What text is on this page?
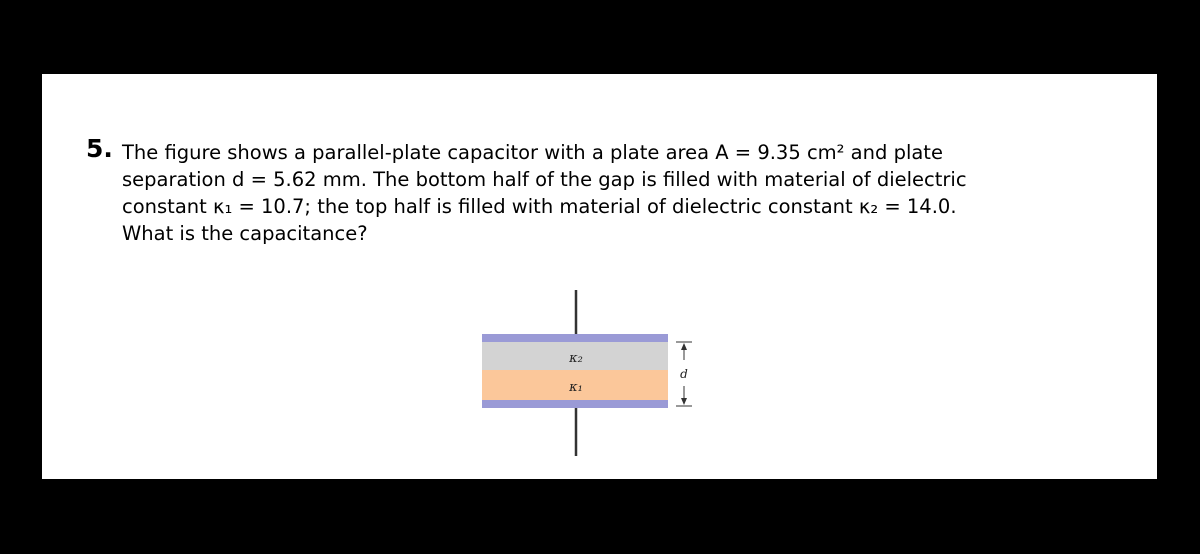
5. The figure shows a parallel-plate capacitor with a plate area A = 9.35 cm² and plate
separation d = 5.62 mm. The bottom half of the gap is filled with material of dielectric
constant κ₁ = 10.7; the top half is filled with material of dielectric constant κ₂ = 14.0.
What is the capacitance?
κ₂
κ₁
d
